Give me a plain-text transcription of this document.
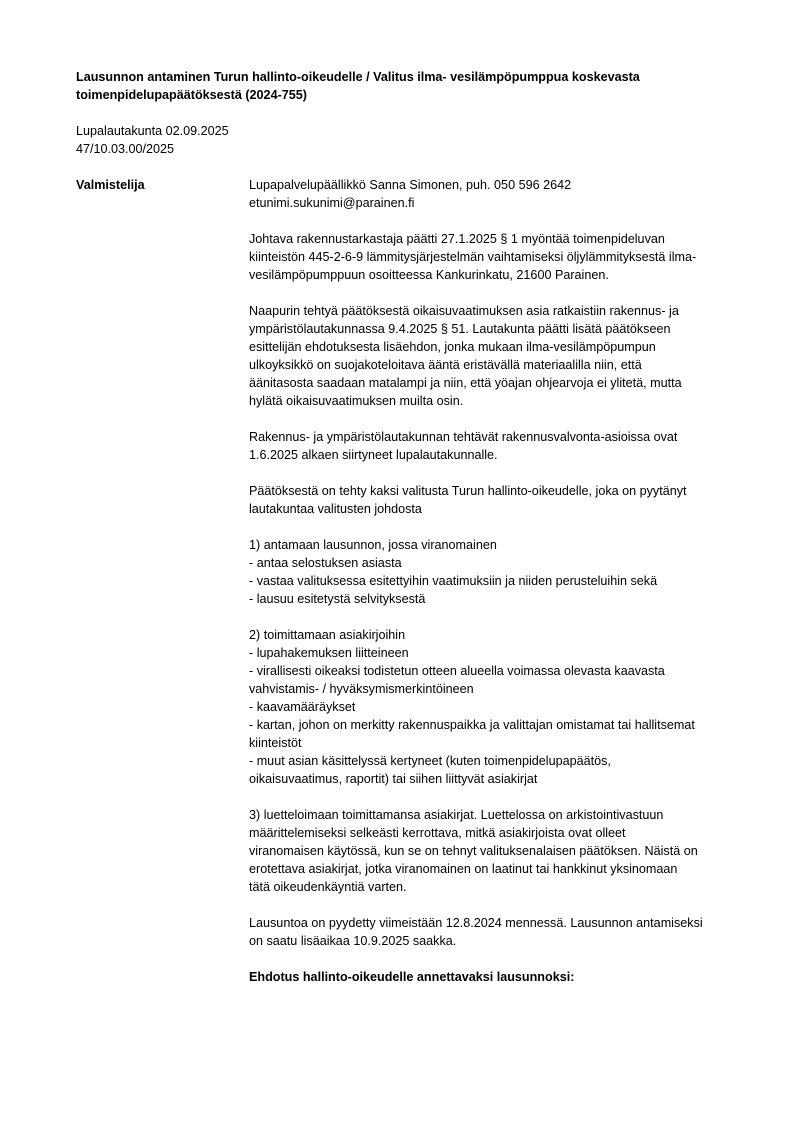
Lausunnon antaminen Turun hallinto-oikeudelle / Valitus ilma- vesilämpöpumppua koskevasta
toimenpidelupapäätöksestä (2024-755)
Lupalautakunta 02.09.2025
47/10.03.00/2025
Valmistelija	Lupapalvelupäällikkö Sanna Simonen, puh. 050 596 2642
etunimi.sukunimi@parainen.fi

Johtava rakennustarkastaja päätti 27.1.2025 § 1 myöntää toimenpideluvan
kiinteistön 445-2-6-9 lämmitysjärjestelmän vaihtamiseksi öljylämmityksestä ilma-
vesilämpöpumppuun osoitteessa Kankurinkatu, 21600 Parainen.

Naapurin tehtyä päätöksestä oikaisuvaatimuksen asia ratkaistiin rakennus- ja
ympäristölautakunnassa 9.4.2025 § 51. Lautakunta päätti lisätä päätökseen
esittelijän ehdotuksesta lisäehdon, jonka mukaan ilma-vesilämpöpumpun
ulkoyksikkö on suojakoteloitava ääntä eristävällä materiaalilla niin, että
äänitasosta saadaan matalampi ja niin, että yöajan ohjearvoja ei ylitetä, mutta
hylätä oikaisuvaatimuksen muilta osin.

Rakennus- ja ympäristölautakunnan tehtävät rakennusvalvonta-asioissa ovat
1.6.2025 alkaen siirtyneet lupalautakunnalle.

Päätöksestä on tehty kaksi valitusta Turun hallinto-oikeudelle, joka on pyytänyt
lautakuntaa valitusten johdosta

1) antamaan lausunnon, jossa viranomainen
- antaa selostuksen asiasta
- vastaa valituksessa esitettyihin vaatimuksiin ja niiden perusteluihin sekä
- lausuu esitetystä selvityksestä

2) toimittamaan asiakirjoihin
- lupahakemuksen liitteineen
- virallisesti oikeaksi todistetun otteen alueella voimassa olevasta kaavasta
vahvistamis- / hyväksymismerkintöineen
- kaavamääräykset
- kartan, johon on merkitty rakennuspaikka ja valittajan omistamat tai hallitsemat
kiinteistöt
- muut asian käsittelyssä kertyneet (kuten toimenpidelupapäätös,
oikaisuvaatimus, raportit) tai siihen liittyvät asiakirjat

3) luetteloimaan toimittamansa asiakirjat. Luettelossa on arkistointivastuun
määrittelemiseksi selkeästi kerrottava, mitkä asiakirjoista ovat olleet
viranomaisen käytössä, kun se on tehnyt valituksenalaisen päätöksen. Näistä on
erotettava asiakirjat, jotka viranomainen on laatinut tai hankkinut yksinomaan
tätä oikeudenkäyntiä varten.

Lausuntoa on pyydetty viimeistään 12.8.2024 mennessä. Lausunnon antamiseksi
on saatu lisäaikaa 10.9.2025 saakka.

Ehdotus hallinto-oikeudelle annettavaksi lausunnoksi:
